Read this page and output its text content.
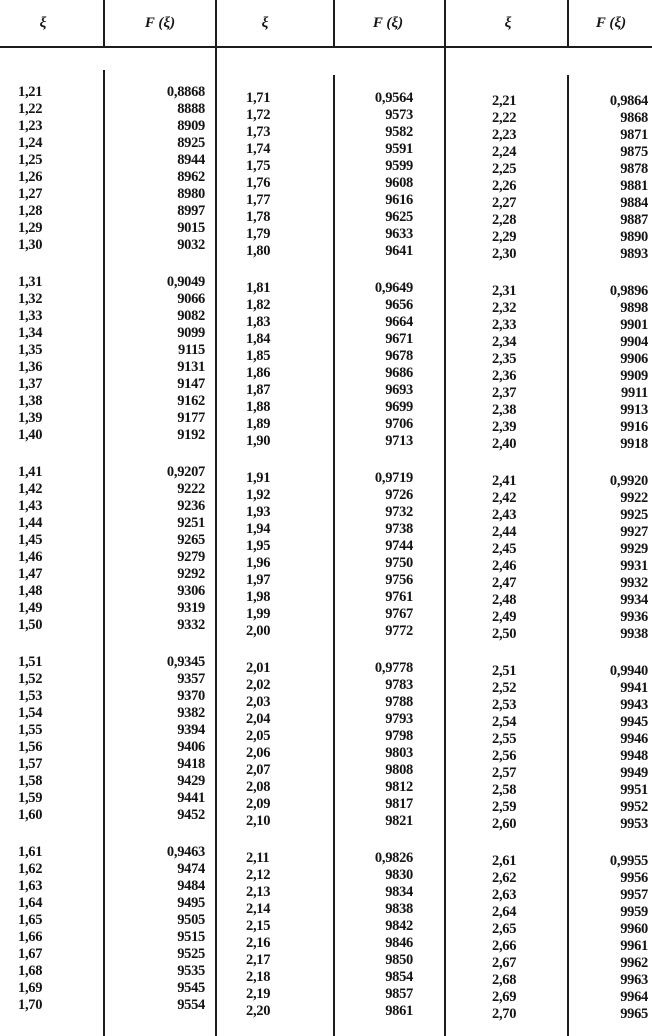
ξ	F (ξ)	ξ	F (ξ)	ξ	F (ξ)
1,21	0,8868
1,22	8888
1,23	8909
1,24	8925
1,25	8944
1,26	8962
1,27	8980
1,28	8997
1,29	9015
1,30	9032
1,31	0,9049
1,32	9066
1,33	9082
1,34	9099
1,35	9115
1,36	9131
1,37	9147
1,38	9162
1,39	9177
1,40	9192
1,41	0,9207
1,42	9222
1,43	9236
1,44	9251
1,45	9265
1,46	9279
1,47	9292
1,48	9306
1,49	9319
1,50	9332
1,51	0,9345
1,52	9357
1,53	9370
1,54	9382
1,55	9394
1,56	9406
1,57	9418
1,58	9429
1,59	9441
1,60	9452
1,61	0,9463
1,62	9474
1,63	9484
1,64	9495
1,65	9505
1,66	9515
1,67	9525
1,68	9535
1,69	9545
1,70	9554
1,71	0,9564
1,72	9573
1,73	9582
1,74	9591
1,75	9599
1,76	9608
1,77	9616
1,78	9625
1,79	9633
1,80	9641
1,81	0,9649
1,82	9656
1,83	9664
1,84	9671
1,85	9678
1,86	9686
1,87	9693
1,88	9699
1,89	9706
1,90	9713
1,91	0,9719
1,92	9726
1,93	9732
1,94	9738
1,95	9744
1,96	9750
1,97	9756
1,98	9761
1,99	9767
2,00	9772
2,01	0,9778
2,02	9783
2,03	9788
2,04	9793
2,05	9798
2,06	9803
2,07	9808
2,08	9812
2,09	9817
2,10	9821
2,11	0,9826
2,12	9830
2,13	9834
2,14	9838
2,15	9842
2,16	9846
2,17	9850
2,18	9854
2,19	9857
2,20	9861
2,21	0,9864
2,22	9868
2,23	9871
2,24	9875
2,25	9878
2,26	9881
2,27	9884
2,28	9887
2,29	9890
2,30	9893
2,31	0,9896
2,32	9898
2,33	9901
2,34	9904
2,35	9906
2,36	9909
2,37	9911
2,38	9913
2,39	9916
2,40	9918
2,41	0,9920
2,42	9922
2,43	9925
2,44	9927
2,45	9929
2,46	9931
2,47	9932
2,48	9934
2,49	9936
2,50	9938
2,51	0,9940
2,52	9941
2,53	9943
2,54	9945
2,55	9946
2,56	9948
2,57	9949
2,58	9951
2,59	9952
2,60	9953
2,61	0,9955
2,62	9956
2,63	9957
2,64	9959
2,65	9960
2,66	9961
2,67	9962
2,68	9963
2,69	9964
2,70	9965
